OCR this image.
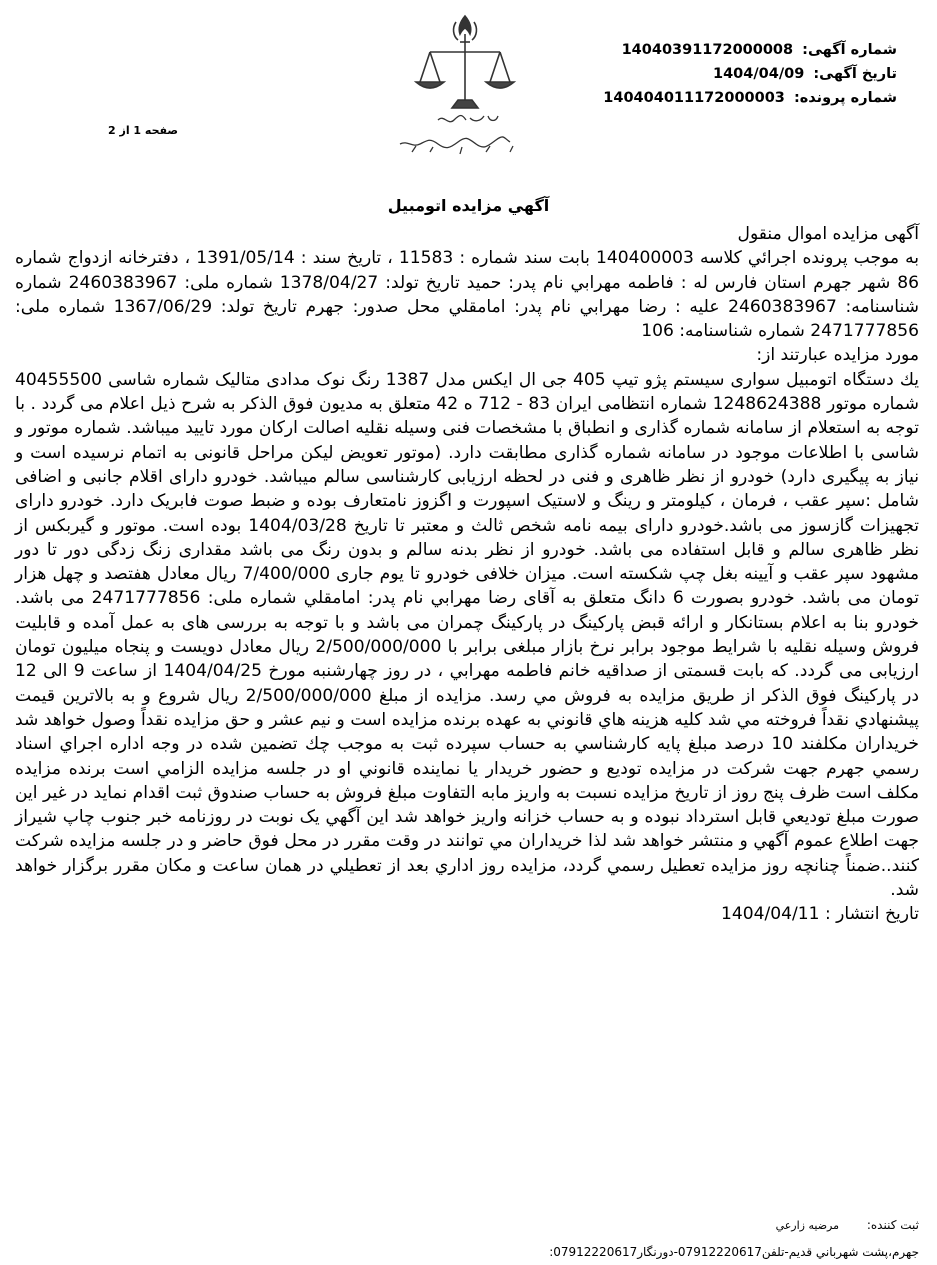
شماره آگهی: 14040391172000008
تاریخ آگهی: 1404/04/09
شماره پرونده: 140404011172000003
صفحه 1 از 2
آگهي مزايده اتومبيل

آگهی مزایده اموال منقول

به موجب پرونده اجرائي كلاسه 140400003 بابت سند شماره : 11583 ، تاريخ سند : 1391/05/14 ، دفترخانه ازدواج شماره 86 شهر جهرم استان فارس له : فاطمه مهرابي نام پدر: حميد تاريخ تولد: 1378/04/27 شماره ملی: 2460383967 شماره شناسنامه: 2460383967 علیه : رضا مهرابي نام پدر: امامقلي محل صدور: جهرم تاريخ تولد: 1367/06/29 شماره ملی: 2471777856 شماره شناسنامه: 106

مورد مزایده عبارتند از:

يك دستگاه اتومبيل سواری سيستم پژو تيپ 405 جی ال ايكس مدل 1387 رنگ نوک مدادی متاليک شماره شاسی 40455500 شماره موتور 1248624388 شماره انتظامی ايران 83 - 712 ه 42 متعلق به مديون فوق الذكر به شرح ذيل اعلام می گردد . با توجه به استعلام از سامانه شماره گذاری و انطباق با مشخصات فنی وسيله نقليه اصالت اركان مورد تاييد ميباشد. شماره موتور و شاسی با اطلاعات موجود در سامانه شماره گذاری مطابقت دارد. (موتور تعويض ليكن مراحل قانونی به اتمام نرسيده است و نياز به پيگيری دارد) خودرو از نظر ظاهری و فنی در لحظه ارزيابی كارشناسی سالم ميباشد. خودرو دارای اقلام جانبی و اضافی شامل :سپر عقب ، فرمان ، كيلومتر و رينگ و لاستيک اسپورت و اگزوز نامتعارف بوده و ضبط صوت فابريک دارد. خودرو دارای تجهيزات گازسوز می باشد.خودرو دارای بيمه نامه شخص ثالث و معتبر تا تاريخ 1404/03/28 بوده است. موتور و گيربكس از نظر ظاهری سالم و قابل استفاده می باشد. خودرو از نظر بدنه سالم و بدون رنگ می باشد مقداری زنگ زدگی دور تا دور مشهود سپر عقب و آيينه بغل چپ شكسته است. ميزان خلافی خودرو تا يوم جاری 7/400/000 ريال معادل هفتصد و چهل هزار تومان می باشد. خودرو بصورت 6 دانگ متعلق به آقای رضا مهرابي نام پدر: امامقلي شماره ملی: 2471777856 می باشد. خودرو بنا به اعلام بستانكار و ارائه قبض پاركينگ در پاركينگ چمران می باشد و با توجه به بررسی های به عمل آمده و قابليت فروش وسيله نقليه با شرايط موجود برابر نرخ بازار مبلغی برابر با 2/500/000/000 ريال معادل دويست و پنجاه ميليون تومان ارزيابی می گردد. كه بابت قسمتی از صداقيه خانم فاطمه مهرابي ، در روز چهارشنبه مورخ 1404/04/25 از ساعت 9 الی 12 در پاركينگ فوق الذكر از طريق مزايده به فروش مي رسد. مزايده از مبلغ 2/500/000/000 ريال شروع و به بالاترين قيمت پيشنهادي نقداً فروخته مي شد كليه هزينه هاي قانوني به عهده برنده مزايده است و نيم عشر و حق مزايده نقداً وصول خواهد شد خريداران مكلفند 10 درصد مبلغ پايه كارشناسي به حساب سپرده ثبت به موجب چك تضمين شده در وجه اداره اجراي اسناد رسمي جهرم جهت شركت در مزايده توديع و حضور خريدار يا نماينده قانوني او در جلسه مزايده الزامي است برنده مزايده مكلف است ظرف پنج روز از تاريخ مزايده نسبت به واريز مابه التفاوت مبلغ فروش به حساب صندوق ثبت اقدام نمايد در غير اين صورت مبلغ توديعي قابل استرداد نبوده و به حساب خزانه واريز خواهد شد اين آگهي يک نوبت در روزنامه خبر جنوب چاپ شيراز جهت اطلاع عموم آگهي و منتشر خواهد شد لذا خريداران مي توانند در وقت مقرر در محل فوق حاضر و در جلسه مزايده شركت كنند..ضمناً چنانچه روز مزايده تعطيل رسمي گردد، مزايده روز اداري بعد از تعطيلي در همان ساعت و مكان مقرر برگزار خواهد شد.

تاریخ انتشار : 1404/04/11

ثبت کننده: مرضیه زارعي
جهرم،پشت شهرباني قديم-تلفن07912220617-دورنگار07912220617:
